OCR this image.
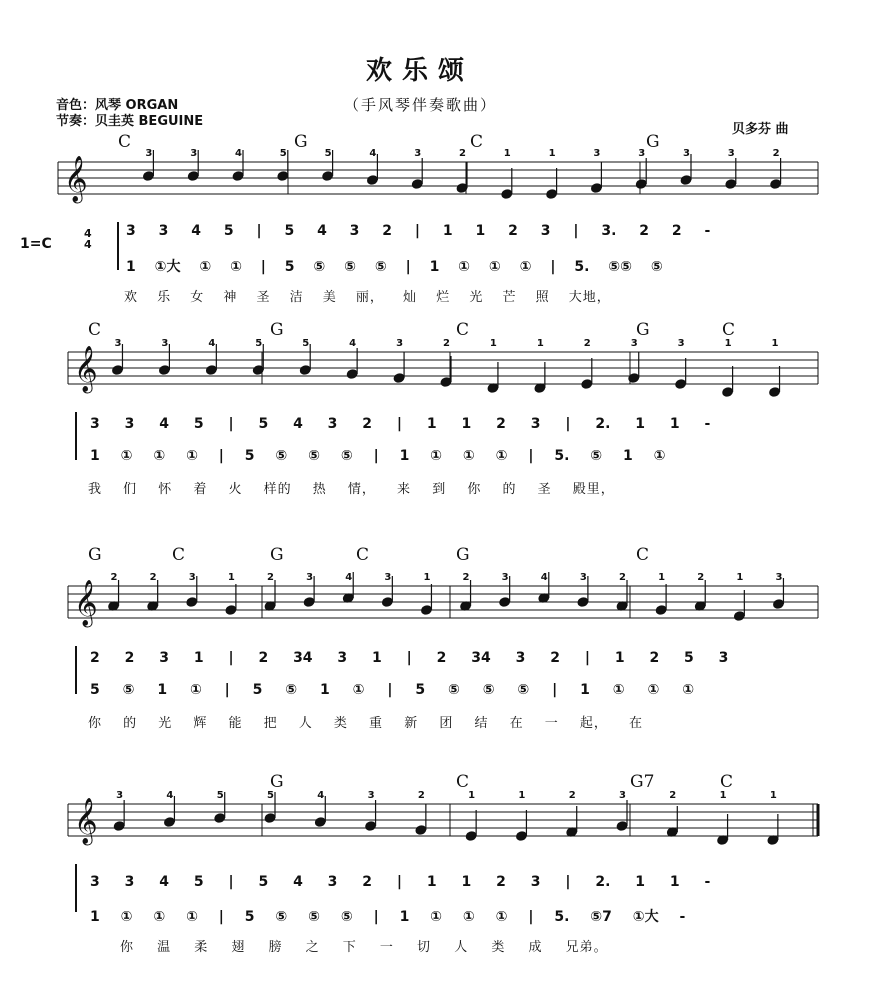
欢乐颂
（手风琴伴奏歌曲）
音色：风琴 ORGAN
节奏：贝圭英 BEGUINE
贝多芬 曲
1=C
4
4
𝄞
𝄞
𝄞
𝄞
C	G	C	G
3 3 4 5 | 5 4 3 2 | 1 1 2 3 | 3. 2 2 -
1 ①大 ① ① | 5 ⑤ ⑤ ⑤ | 1 ① ① ① | 5. ⑤⑤ ⑤
欢 乐 女 神 圣 洁 美 丽， 灿 烂 光 芒 照 大地，
C	G	C	G	C
3 3 4 5 | 5 4 3 2 | 1 1 2 3 | 2. 1 1 -
1 ① ① ① | 5 ⑤ ⑤ ⑤ | 1 ① ① ① | 5. ⑤ 1 ①
我 们 怀 着 火 样的 热 情， 来 到 你 的 圣 殿里，
G	C	G	C	G	C
2 2 3 1 | 2 34 3 1 | 2 34 3 2 | 1 2 5 3
5 ⑤ 1 ① | 5 ⑤ 1 ① | 5 ⑤ ⑤ ⑤ | 1 ① ① ①
你 的 光 辉 能 把 人 类 重 新 团 结 在 一 起， 在
G	C	G7	C
3 3 4 5 | 5 4 3 2 | 1 1 2 3 | 2. 1 1 -
1 ① ① ① | 5 ⑤ ⑤ ⑤ | 1 ① ① ① | 5. ⑤7 ①大 -
你 温 柔 翅 膀 之 下 一 切 人 类 成 兄弟。
3	3	4	5	5	4	3	2	1	1	3	3	3	3	2
3	3	4	5	5	4	3	2	1	1	2	3	3	1	1
2	2	3	1	2	3	4	3	1	2	3	4	3	2	1	2	1	3
3	4	5	5	4	3	2	1	1	2	3	2	1	1
